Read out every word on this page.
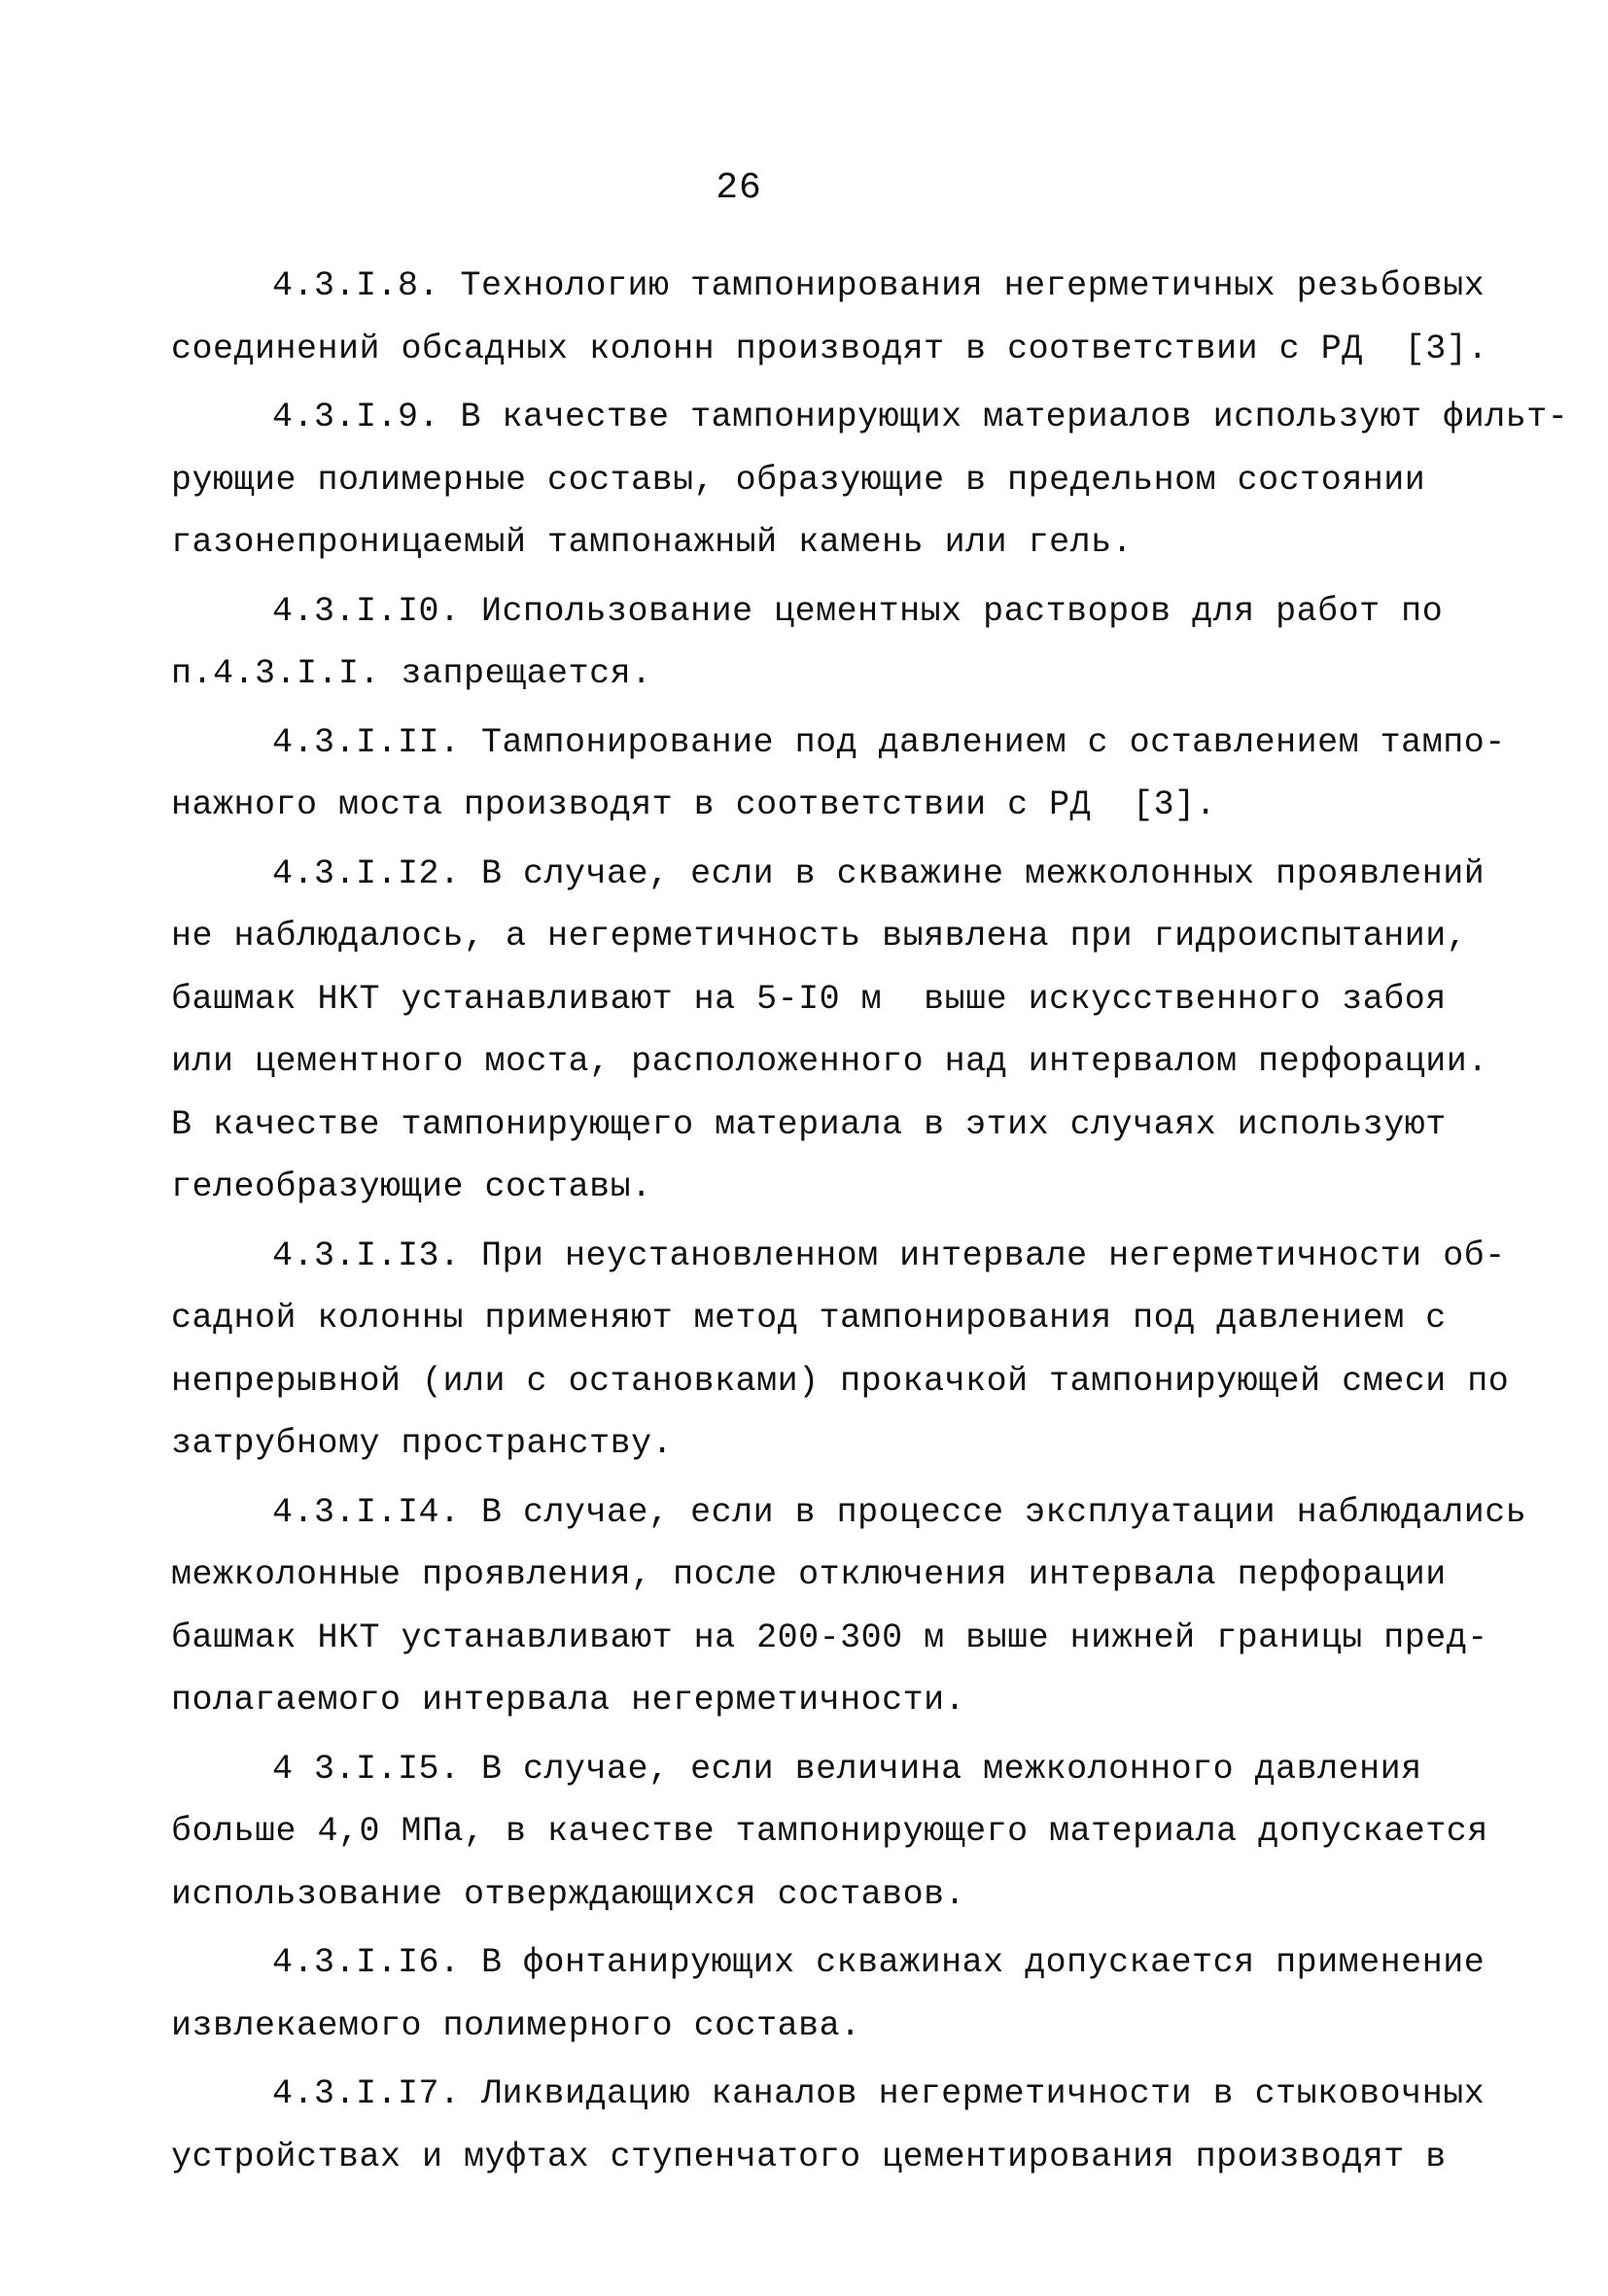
26
4.3.I.8. Технологию тампонирования негерметичных резьбовых
соединений обсадных колонн производят в соответствии с РД  [3].
4.3.I.9. В качестве тампонирующих материалов используют фильт-
рующие полимерные составы, образующие в предельном состоянии
газонепроницаемый тампонажный камень или гель.
4.3.I.I0. Использование цементных растворов для работ по
п.4.3.I.I. запрещается.
4.3.I.II. Тампонирование под давлением с оставлением тампо-
нажного моста производят в соответствии с РД  [3].
4.3.I.I2. В случае, если в скважине межколонных проявлений
не наблюдалось, а негерметичность выявлена при гидроиспытании,
башмак НКТ устанавливают на 5-I0 м  выше искусственного забоя
или цементного моста, расположенного над интервалом перфорации.
В качестве тампонирующего материала в этих случаях используют
гелеобразующие составы.
4.3.I.I3. При неустановленном интервале негерметичности об-
садной колонны применяют метод тампонирования под давлением с
непрерывной (или с остановками) прокачкой тампонирующей смеси по
затрубному пространству.
4.3.I.I4. В случае, если в процессе эксплуатации наблюдались
межколонные проявления, после отключения интервала перфорации
башмак НКТ устанавливают на 200-300 м выше нижней границы пред-
полагаемого интервала негерметичности.
4 3.I.I5. В случае, если величина межколонного давления
больше 4,0 МПа, в качестве тампонирующего материала допускается
использование отверждающихся составов.
4.3.I.I6. В фонтанирующих скважинах допускается применение
извлекаемого полимерного состава.
4.3.I.I7. Ликвидацию каналов негерметичности в стыковочных
устройствах и муфтах ступенчатого цементирования производят в
